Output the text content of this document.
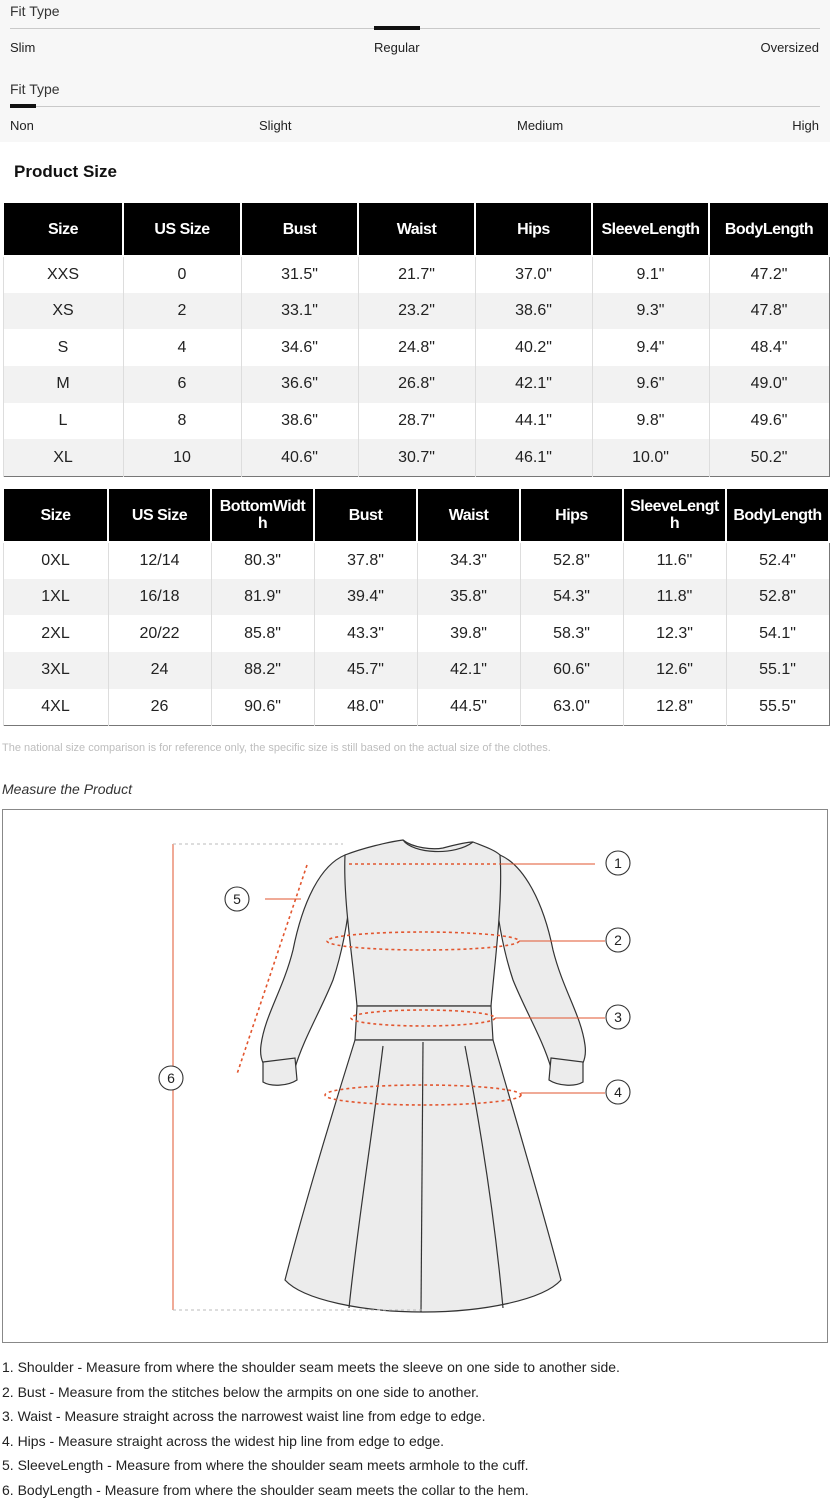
Fit Type
Slim	Regular	Oversized
Fit Type
Non	Slight	Medium	High
Product Size
Size	US Size	Bust	Waist	Hips	SleeveLength	BodyLength
XXS	0	31.5"	21.7"	37.0"	9.1"	47.2"
XS	2	33.1"	23.2"	38.6"	9.3"	47.8"
S	4	34.6"	24.8"	40.2"	9.4"	48.4"
M	6	36.6"	26.8"	42.1"	9.6"	49.0"
L	8	38.6"	28.7"	44.1"	9.8"	49.6"
XL	10	40.6"	30.7"	46.1"	10.0"	50.2"
Size	US Size	BottomWidth	Bust	Waist	Hips	SleeveLength	BodyLength
0XL	12/14	80.3"	37.8"	34.3"	52.8"	11.6"	52.4"
1XL	16/18	81.9"	39.4"	35.8"	54.3"	11.8"	52.8"
2XL	20/22	85.8"	43.3"	39.8"	58.3"	12.3"	54.1"
3XL	24	88.2"	45.7"	42.1"	60.6"	12.6"	55.1"
4XL	26	90.6"	48.0"	44.5"	63.0"	12.8"	55.5"
The national size comparison is for reference only, the specific size is still based on the actual size of the clothes.
Measure the Product
1
2
3
4
5
6
1. Shoulder - Measure from where the shoulder seam meets the sleeve on one side to another side.
2. Bust - Measure from the stitches below the armpits on one side to another.
3. Waist - Measure straight across the narrowest waist line from edge to edge.
4. Hips - Measure straight across the widest hip line from edge to edge.
5. SleeveLength - Measure from where the shoulder seam meets armhole to the cuff.
6. BodyLength - Measure from where the shoulder seam meets the collar to the hem.
